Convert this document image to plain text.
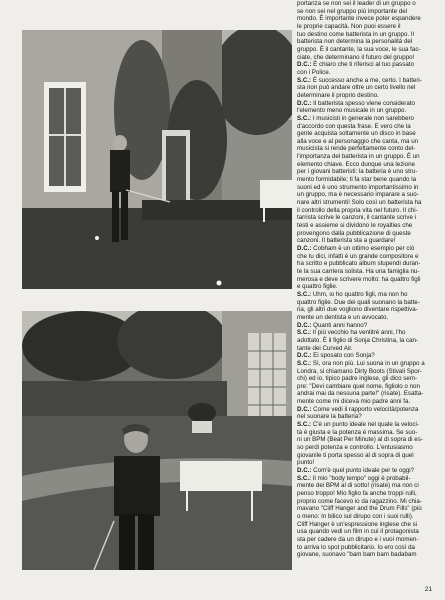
portanza se non sei il leader di un gruppo o

se non sei nel gruppo più importante del

mondo. È importante invece poter espandere

le proprie capacità. Non puoi essere il

tuo destino come batterista in un gruppo. Il

batterista non determina la personalità del

gruppo. È il cantante, la sua voce, le sua fac-

ciate, che determinano il futuro del gruppo!

D.C.: È chiaro che ti riferisci al tuo passato

con i Police.

S.C.: È successo anche a me, certo. I batteri-

sta non può andare oltre un certo livello nel

determinare il proprio destino.

D.C.: Il batterista spesso viene considerato

l'elemento meno musicale in un gruppo.

S.C.: I musicisti in generale non sarebbero

d'accordo con questa frase. E vero che la

gente acquista soltamente un disco in base

alla voce e al personaggio che canta, ma un

musicista si rende perfettamente conto del-

l'importanza del batterista in un gruppo. È un

elemento chiave. Ecco dunque una lezione

per i giovani batteristi: la batteria è uno stru-

mento formidabile; ti fa star bene quando la

suoni ed è uno strumento importantissimo in

un gruppo, ma è necessario imparare a suo-

nare altri strumenti! Solo così un batterista ha

il controllo della propria vita nel futuro. Il chi-

tarrista scrive le canzoni, il cantante scrive i

testi e assieme si dividono le royalties che

provengono dalla pubblicazione di queste

canzoni. Il batterista sta a guardare!

D.C.: Cobham è un ottimo esempio per ciò

che tu dici, infatti è un grande compositore e

ha scritto e pubblicato album stupendi duran-

te la sua carriera solista. Ha una famiglia nu-

merosa e deve scrivere molto: ha quattro figli

e quattro figlie.

S.C.: Uhm, io ho quattro figli, ma non ho

quattro figlie. Due dei quali suonano la batte-

ria, gli altri due vogliono diventare rispettiva-

mente un dentista e un avvocato.

D.C.: Quanti anni hanno?

S.C.: Il più vecchio ha ventitré anni, l'ho

adottato. È il figlio di Sonja Christina, la can-

tante dei Curved Air.

D.C.: Ei sposato con Sonja?

S.C.: Sì, ora non più. Lui suona in un gruppo a

Londra, si chiamano Dirty Boots (Stivali Spor-

chi) ed io, tipico padre inglese, gli dico sem-

pre: "Devi cambiare quel nome, figliolo o non

andrai mai da nessuna parte!" (risate). Esatta-

mente come mi diceva mio padre anni fa.

D.C.: Come vedi il rapporto velocità/potenza

nel suonare la batteria?

S.C.: C'è un punto ideale nel quale la veloci-

tà è giusta e la potenza è massima. Se suo-

ni un BPM (Beat Per Minute) al di sopra di es-

so perdi potenza e controllo. L'entusiasmo

giovanile ti porta spesso al di sopra di quel

punto!

D.C.: Com'è quel punto ideale per te oggi?

S.C.: Il mio "body tempo" oggi è probabil-

mente dei BPM al di sotto! (risate) ma non ci

penso troppo! Mio figlio fa anche troppi rulli,

proprio come facevo io da ragazzino. Mi chia-

mavano "Cliff Hanger and the Drum Fills" (più

o meno: In bilico sul dirupo con i suoi rulli).

Cliff Hanger è un'espressione inglese che si

usa quando vedi un film in cui il protagonista

sta per cadere da un dirupo e i vuoi momen-

to arriva lo spot pubblicitario. Io ero così da

giovane, suonavo "bam bam bam badabam

21
